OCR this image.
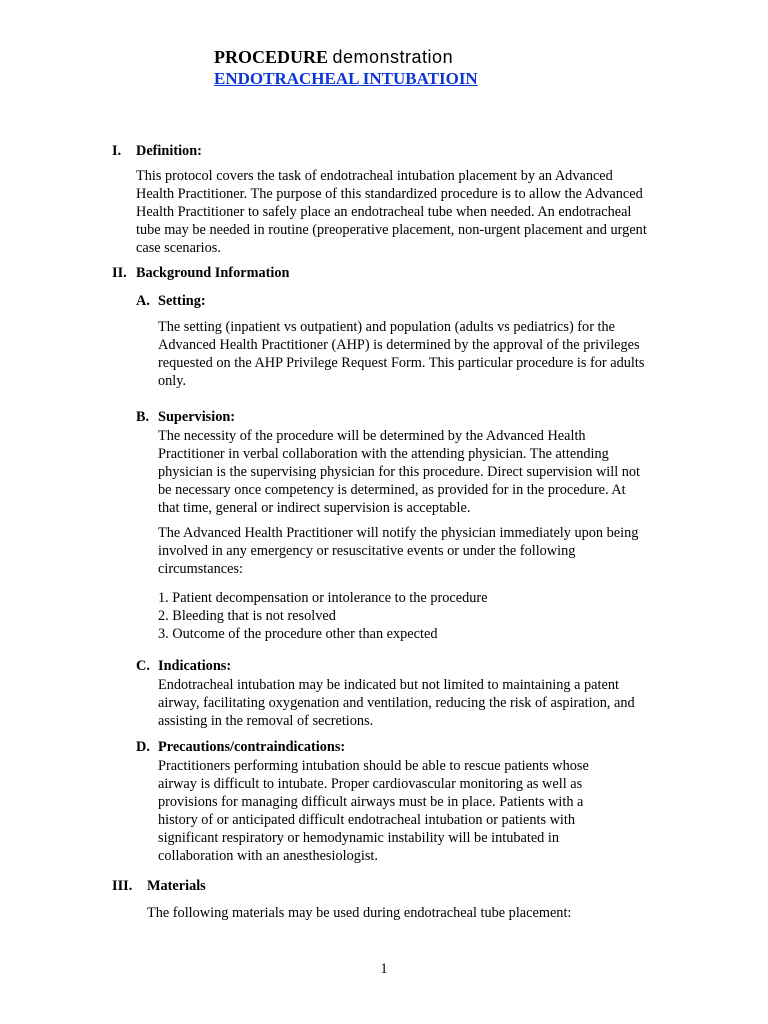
PROCEDURE demonstration
ENDOTRACHEAL INTUBATIOIN
I. Definition:

This protocol covers the task of endotracheal intubation placement by an Advanced Health Practitioner. The purpose of this standardized procedure is to allow the Advanced Health Practitioner to safely place an endotracheal tube when needed. An endotracheal tube may be needed in routine (preoperative placement, non-urgent placement and urgent case scenarios.

II. Background Information
A. Setting:

The setting (inpatient vs outpatient) and population (adults vs pediatrics) for the Advanced Health Practitioner (AHP) is determined by the approval of the privileges requested on the AHP Privilege Request Form. This particular procedure is for adults only.

B. Supervision:

The necessity of the procedure will be determined by the Advanced Health Practitioner in verbal collaboration with the attending physician. The attending physician is the supervising physician for this procedure. Direct supervision will not be necessary once competency is determined, as provided for in the procedure. At that time, general or indirect supervision is acceptable.

The Advanced Health Practitioner will notify the physician immediately upon being involved in any emergency or resuscitative events or under the following circumstances:

1. Patient decompensation or intolerance to the procedure
2. Bleeding that is not resolved
3. Outcome of the procedure other than expected
C. Indications:

Endotracheal intubation may be indicated but not limited to maintaining a patent airway, facilitating oxygenation and ventilation, reducing the risk of aspiration, and assisting in the removal of secretions.

D. Precautions/contraindications:

Practitioners performing intubation should be able to rescue patients whose airway is difficult to intubate. Proper cardiovascular monitoring as well as provisions for managing difficult airways must be in place. Patients with a history of or anticipated difficult endotracheal intubation or patients with significant respiratory or hemodynamic instability will be intubated in collaboration with an anesthesiologist.

III. Materials

The following materials may be used during endotracheal tube placement:

1
